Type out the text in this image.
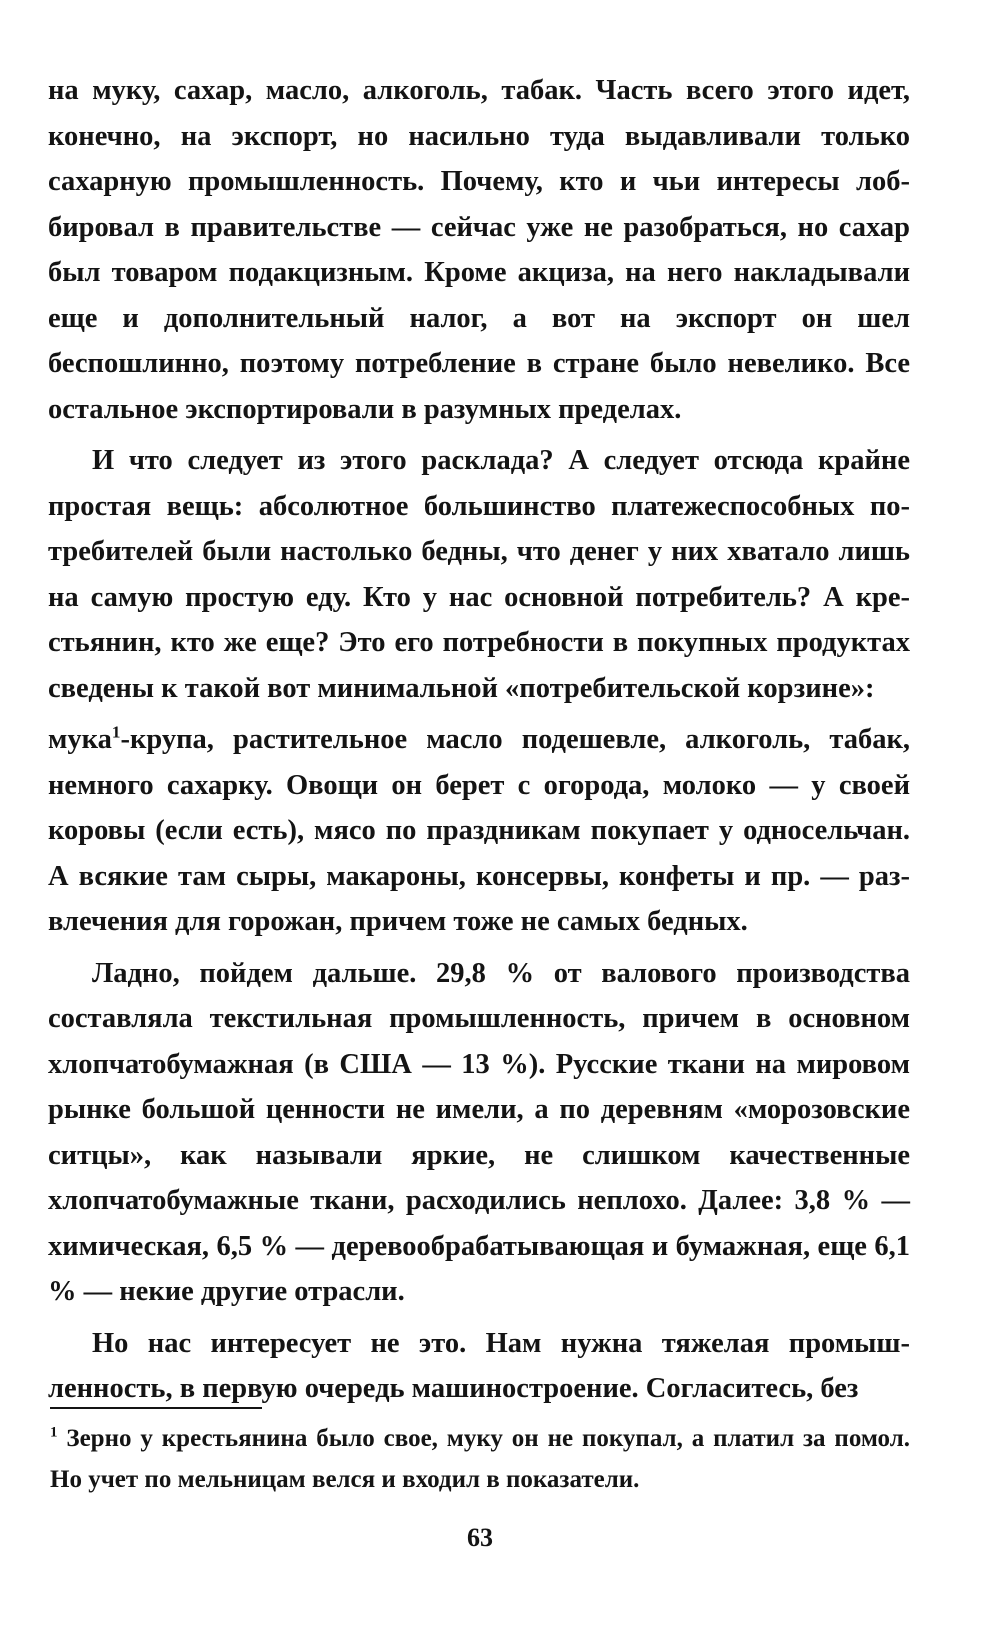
на муку, сахар, масло, алкоголь, табак. Часть всего этого идет, конечно, на экспорт, но насильно туда выдавливали только сахарную промышленность. Почему, кто и чьи интересы лоббировал в правительстве — сейчас уже не разобраться, но сахар был товаром подакцизным. Кроме акциза, на него накладывали еще и дополнительный налог, а вот на экспорт он шел беспошлинно, поэтому потребление в стране было невелико. Все остальное экспортировали в разумных пределах.

И что следует из этого расклада? А следует отсюда крайне простая вещь: абсолютное большинство платежеспособных потребителей были настолько бедны, что денег у них хватало лишь на самую простую еду. Кто у нас основной потребитель? А крестьянин, кто же еще? Это его потребности в покупных продуктах сведены к такой вот минимальной «потребительской корзине»:

мука$^1$-крупа, растительное масло подешевле, алкоголь, табак, немного сахарку. Овощи он берет с огорода, молоко — у своей коровы (если есть), мясо по праздникам покупает у односельчан. А всякие там сыры, макароны, консервы, конфеты и пр. — развлечения для горожан, причем тоже не самых бедных.

Ладно, пойдем дальше. 29,8 % от валового производства составляла текстильная промышленность, причем в основном хлопчатобумажная (в США — 13 %). Русские ткани на мировом рынке большой ценности не имели, а по деревням «морозовские ситцы», как называли яркие, не слишком качественные хлопчатобумажные ткани, расходились неплохо. Далее: 3,8 % — химическая, 6,5 % — деревообрабатывающая и бумажная, еще 6,1 % — некие другие отрасли.

Но нас интересует не это. Нам нужна тяжелая промышленность, в первую очередь машиностроение. Согласитесь, без

$^1$ Зерно у крестьянина было свое, муку он не покупал, а платил за помол. Но учет по мельницам велся и входил в показатели.
63
